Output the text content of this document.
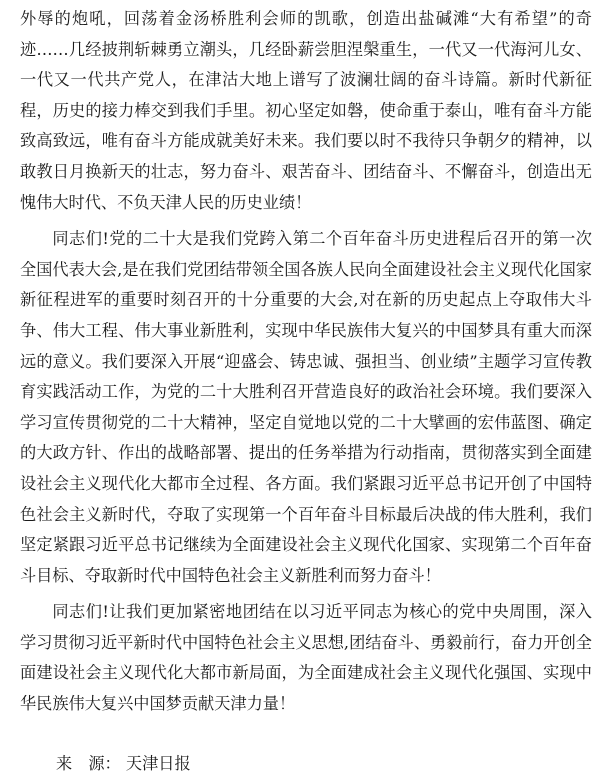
外辱的炮吼，回荡着金汤桥胜利会师的凯歌，创造出盐碱滩“大有希望”的奇迹……几经披荆斩棘勇立潮头，几经卧薪尝胆涅槃重生，一代又一代海河儿女、一代又一代共产党人，在津沽大地上谱写了波澜壮阔的奋斗诗篇。新时代新征程，历史的接力棒交到我们手里。初心坚定如磐，使命重于泰山，唯有奋斗方能致高致远，唯有奋斗方能成就美好未来。我们要以时不我待只争朝夕的精神，以敢教日月换新天的壮志，努力奋斗、艰苦奋斗、团结奋斗、不懈奋斗，创造出无愧伟大时代、不负天津人民的历史业绩！

同志们!党的二十大是我们党跨入第二个百年奋斗历史进程后召开的第一次全国代表大会,是在我们党团结带领全国各族人民向全面建设社会主义现代化国家新征程进军的重要时刻召开的十分重要的大会,对在新的历史起点上夺取伟大斗争、伟大工程、伟大事业新胜利，实现中华民族伟大复兴的中国梦具有重大而深远的意义。我们要深入开展“迎盛会、铸忠诚、强担当、创业绩”主题学习宣传教育实践活动工作，为党的二十大胜利召开营造良好的政治社会环境。我们要深入学习宣传贯彻党的二十大精神，坚定自觉地以党的二十大擘画的宏伟蓝图、确定的大政方针、作出的战略部署、提出的任务举措为行动指南，贯彻落实到全面建设社会主义现代化大都市全过程、各方面。我们紧跟习近平总书记开创了中国特色社会主义新时代，夺取了实现第一个百年奋斗目标最后决战的伟大胜利，我们坚定紧跟习近平总书记继续为全面建设社会主义现代化国家、实现第二个百年奋斗目标、夺取新时代中国特色社会主义新胜利而努力奋斗！

同志们!让我们更加紧密地团结在以习近平同志为核心的党中央周围，深入学习贯彻习近平新时代中国特色社会主义思想,团结奋斗、勇毅前行，奋力开创全面建设社会主义现代化大都市新局面，为全面建成社会主义现代化强国、实现中华民族伟大复兴中国梦贡献天津力量！

来　源： 天津日报
